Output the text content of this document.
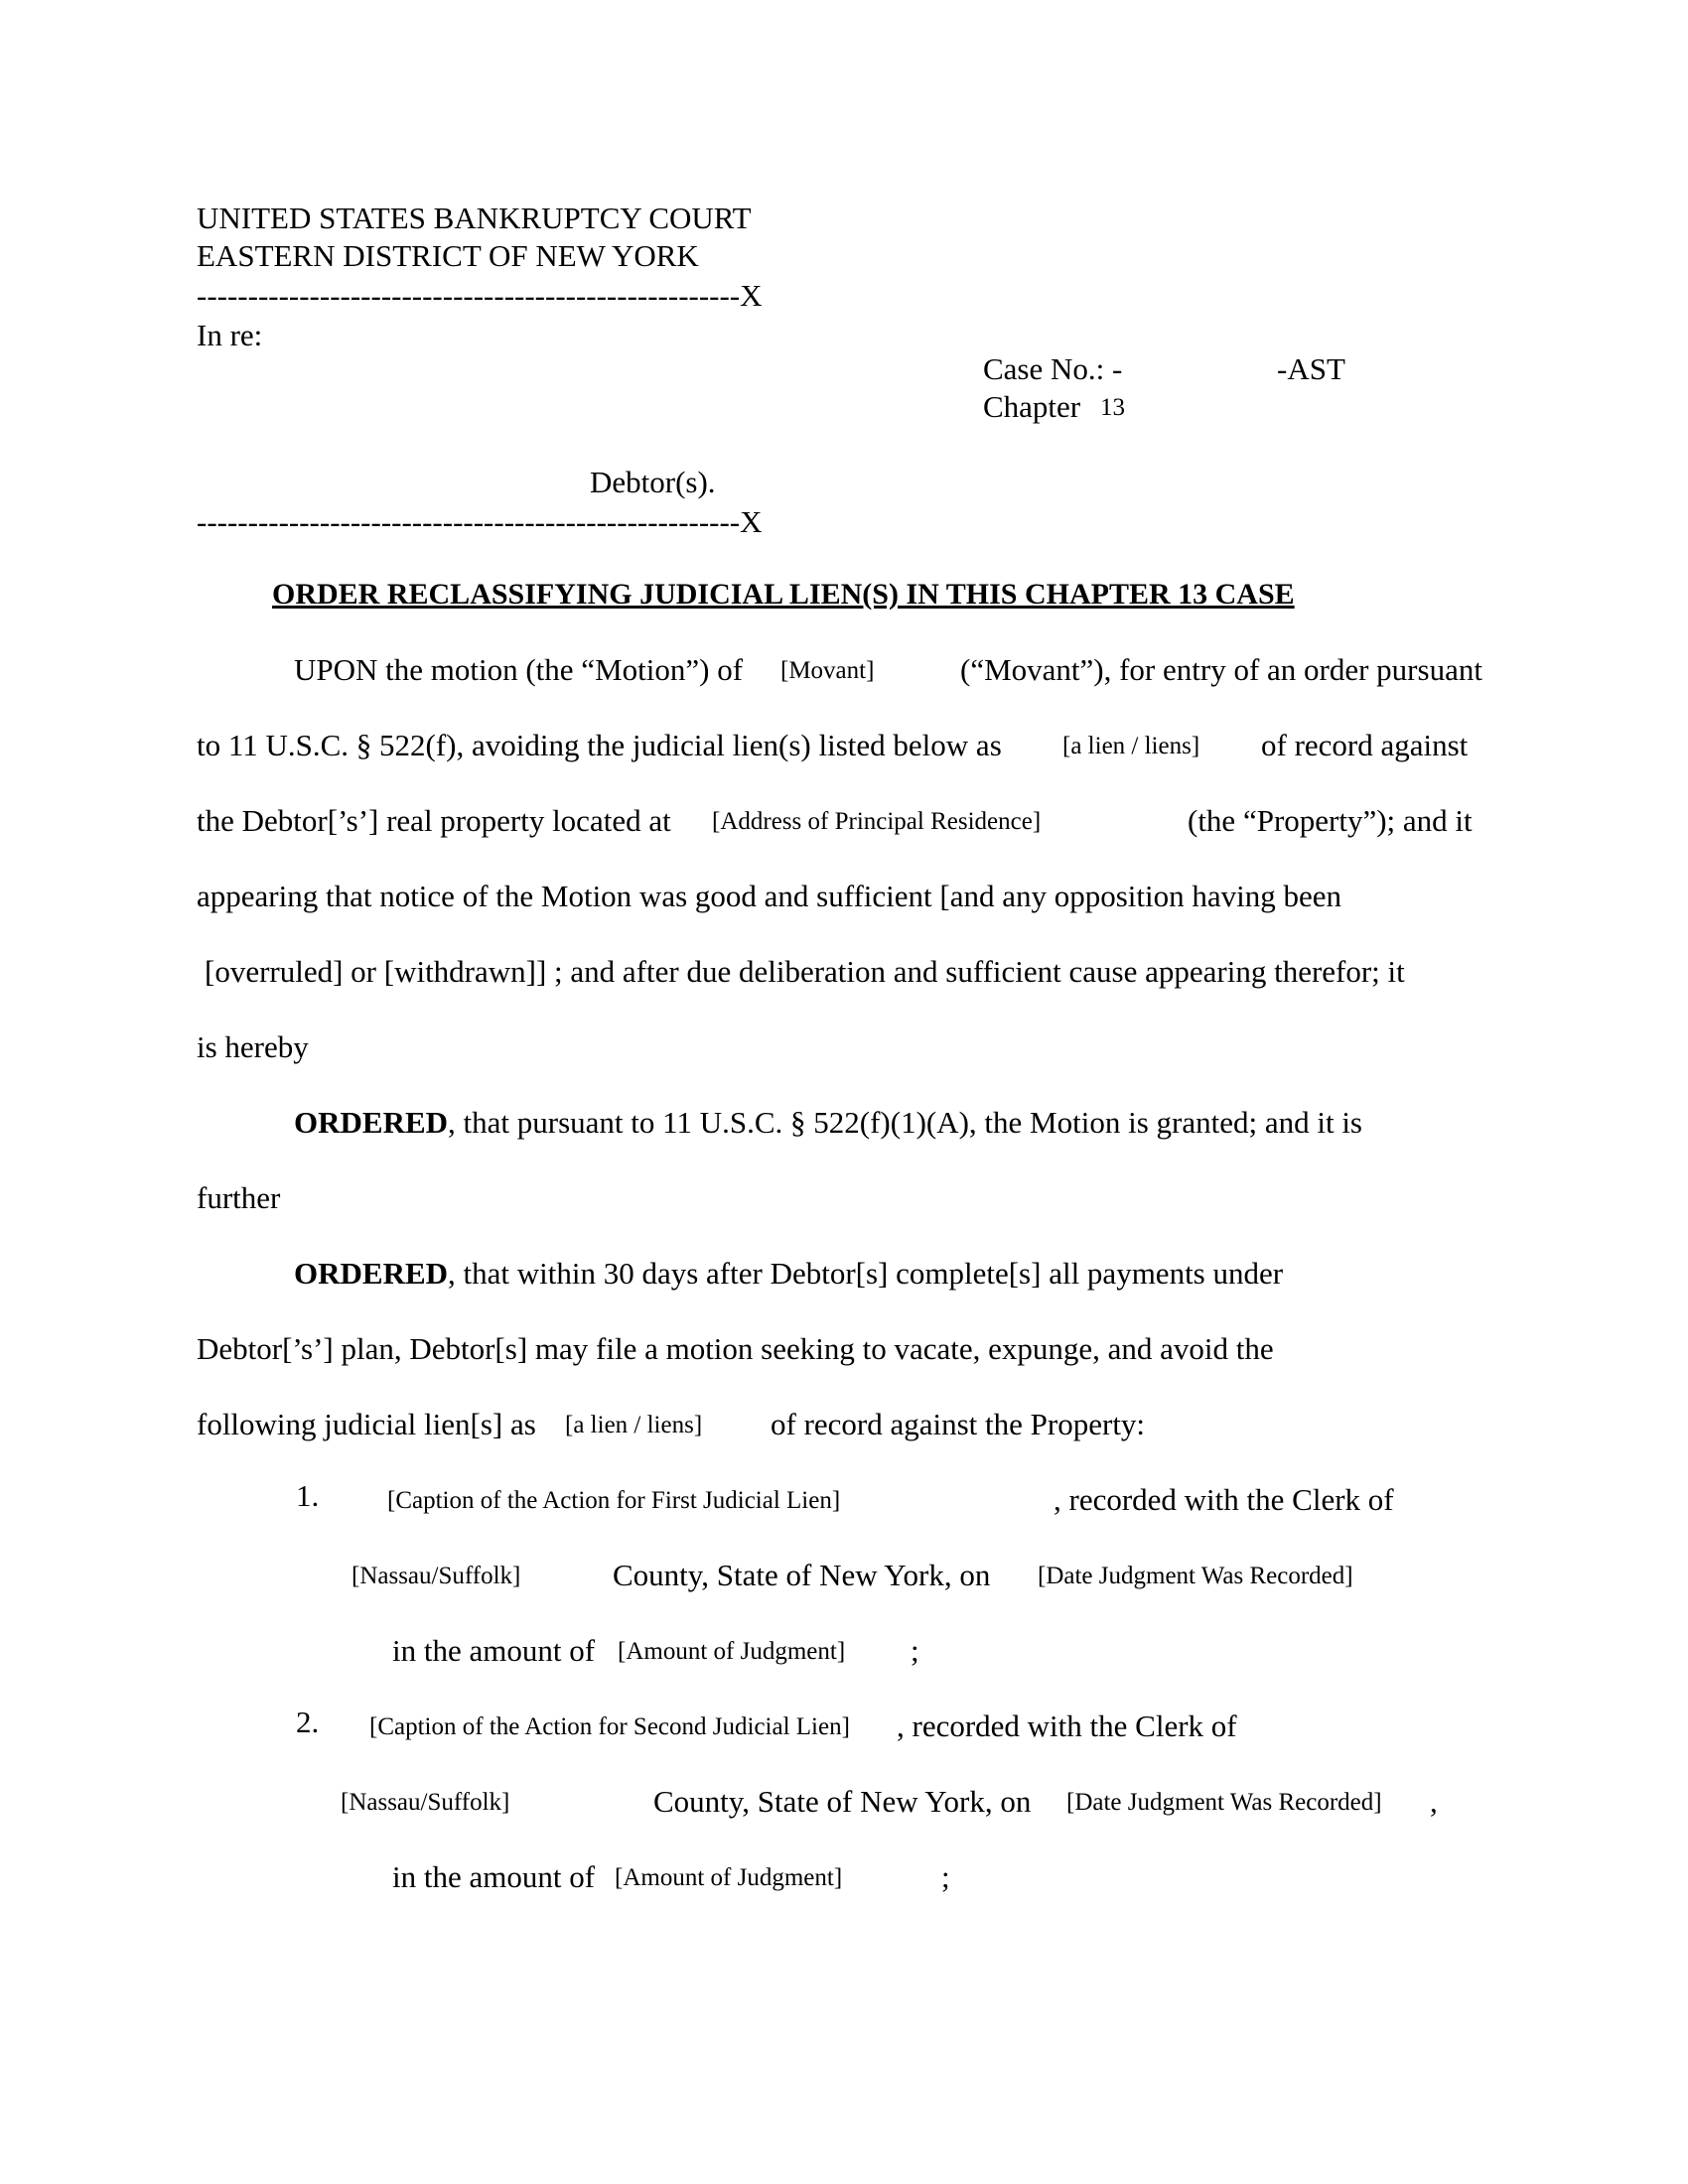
UNITED STATES BANKRUPTCY COURT
EASTERN DISTRICT OF NEW YORK
-----------------------------------------------------X
In re:
Case No.: -	-AST
Chapter 13
Debtor(s).
-----------------------------------------------------X
ORDER RECLASSIFYING JUDICIAL LIEN(S) IN THIS CHAPTER 13 CASE
UPON the motion (the “Motion”) of [Movant]	(“Movant”), for entry of an order pursuant
to 11 U.S.C. § 522(f), avoiding the judicial lien(s) listed below as [a lien / liens] of record against
the Debtor[’s’] real property located at [Address of Principal Residence]	(the “Property”); and it
appearing that notice of the Motion was good and sufficient [and any opposition having been
[overruled] or [withdrawn]] ; and after due deliberation and sufficient cause appearing therefor; it
is hereby
ORDERED, that pursuant to 11 U.S.C. § 522(f)(1)(A), the Motion is granted; and it is
further
ORDERED, that within 30 days after Debtor[s] complete[s] all payments under
Debtor[’s’] plan, Debtor[s] may file a motion seeking to vacate, expunge, and avoid the
following judicial lien[s] as [a lien / liens] of record against the Property:
1.	[Caption of the Action for First Judicial Lien]	, recorded with the Clerk of
[Nassau/Suffolk]	County, State of New York, on [Date Judgment Was Recorded]
in the amount of [Amount of Judgment] ;
2. [Caption of the Action for Second Judicial Lien] , recorded with the Clerk of
[Nassau/Suffolk]	County, State of New York, on [Date Judgment Was Recorded] ,
in the amount of [Amount of Judgment]	;
